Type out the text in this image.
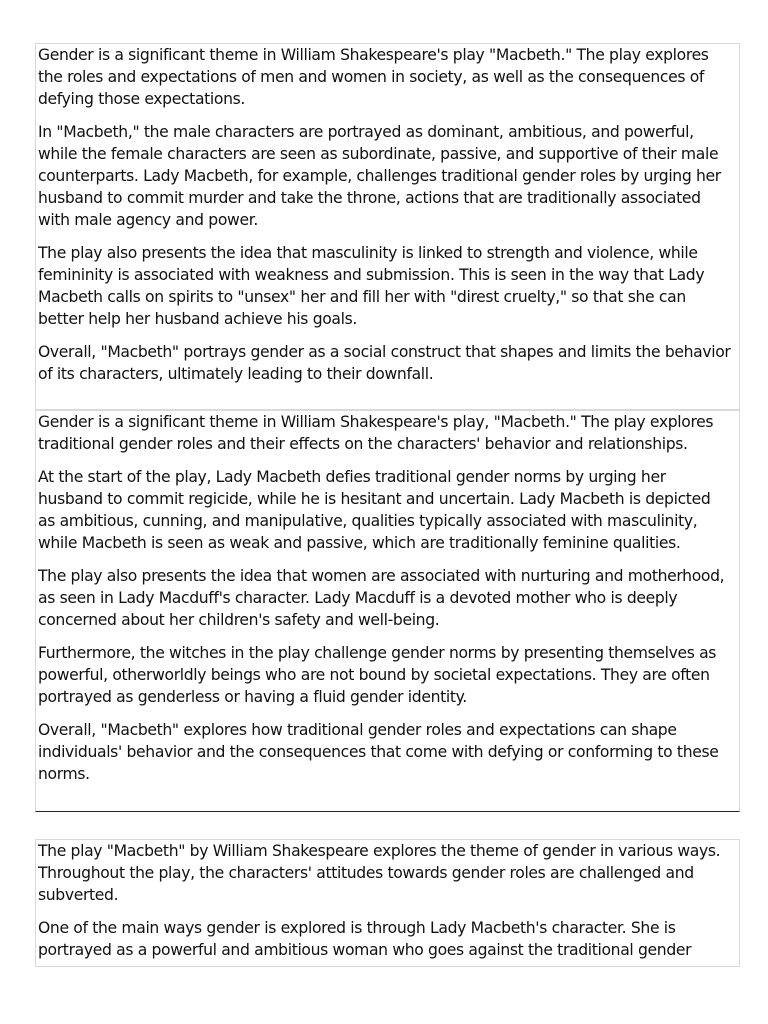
Gender is a significant theme in William Shakespeare's play "Macbeth." The play explores
the roles and expectations of men and women in society, as well as the consequences of
defying those expectations.

In "Macbeth," the male characters are portrayed as dominant, ambitious, and powerful,
while the female characters are seen as subordinate, passive, and supportive of their male
counterparts. Lady Macbeth, for example, challenges traditional gender roles by urging her
husband to commit murder and take the throne, actions that are traditionally associated
with male agency and power.

The play also presents the idea that masculinity is linked to strength and violence, while
femininity is associated with weakness and submission. This is seen in the way that Lady
Macbeth calls on spirits to "unsex" her and fill her with "direst cruelty," so that she can
better help her husband achieve his goals.

Overall, "Macbeth" portrays gender as a social construct that shapes and limits the behavior
of its characters, ultimately leading to their downfall.

Gender is a significant theme in William Shakespeare's play, "Macbeth." The play explores
traditional gender roles and their effects on the characters' behavior and relationships.

At the start of the play, Lady Macbeth defies traditional gender norms by urging her
husband to commit regicide, while he is hesitant and uncertain. Lady Macbeth is depicted
as ambitious, cunning, and manipulative, qualities typically associated with masculinity,
while Macbeth is seen as weak and passive, which are traditionally feminine qualities.

The play also presents the idea that women are associated with nurturing and motherhood,
as seen in Lady Macduff's character. Lady Macduff is a devoted mother who is deeply
concerned about her children's safety and well-being.

Furthermore, the witches in the play challenge gender norms by presenting themselves as
powerful, otherworldly beings who are not bound by societal expectations. They are often
portrayed as genderless or having a fluid gender identity.

Overall, "Macbeth" explores how traditional gender roles and expectations can shape
individuals' behavior and the consequences that come with defying or conforming to these
norms.

The play "Macbeth" by William Shakespeare explores the theme of gender in various ways.
Throughout the play, the characters' attitudes towards gender roles are challenged and
subverted.

One of the main ways gender is explored is through Lady Macbeth's character. She is
portrayed as a powerful and ambitious woman who goes against the traditional gender
